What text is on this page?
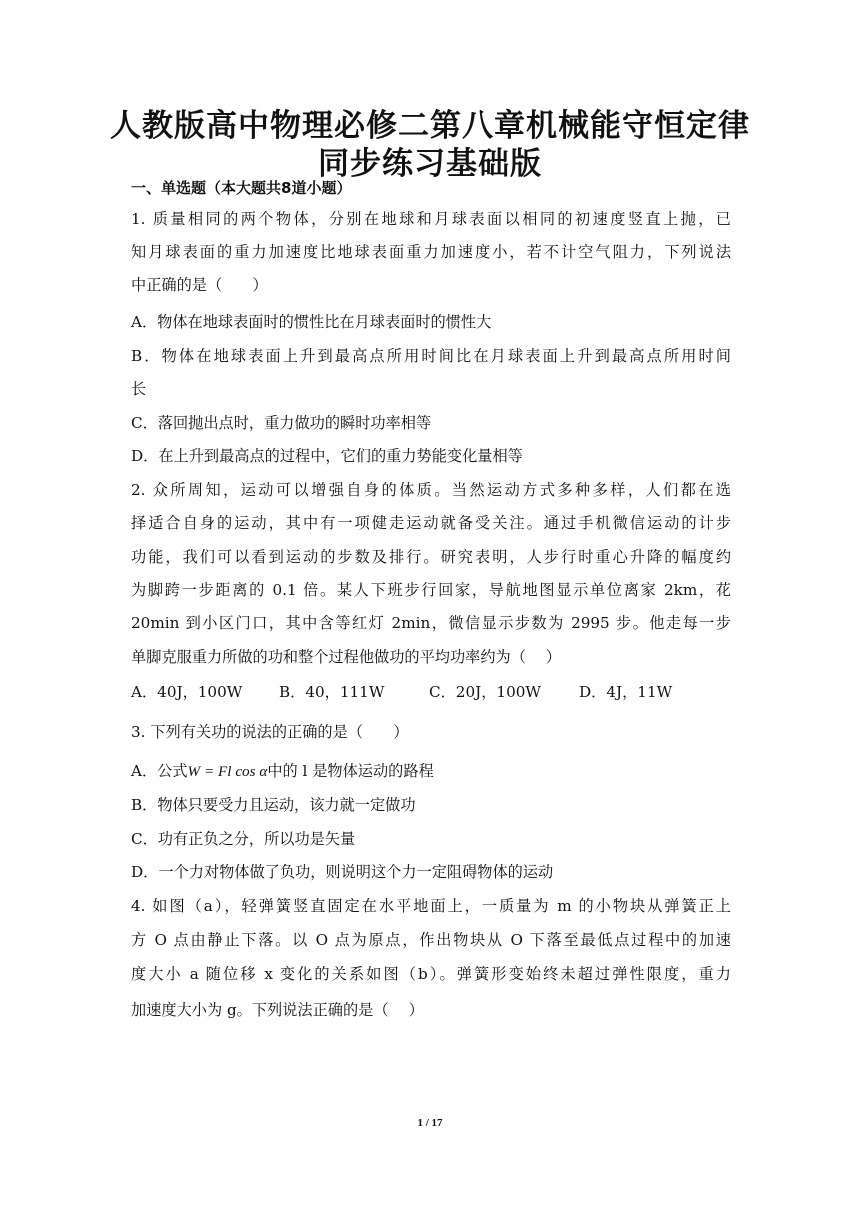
人教版高中物理必修二第八章机械能守恒定律
同步练习基础版
一、单选题（本大题共8道小题）
1. 质量相同的两个物体，分别在地球和月球表面以相同的初速度竖直上抛，已
知月球表面的重力加速度比地球表面重力加速度小，若不计空气阻力，下列说法
中正确的是（　　）
A．物体在地球表面时的惯性比在月球表面时的惯性大
B．物体在地球表面上升到最高点所用时间比在月球表面上升到最高点所用时间
长
C．落回抛出点时，重力做功的瞬时功率相等
D．在上升到最高点的过程中，它们的重力势能变化量相等
2. 众所周知，运动可以增强自身的体质。当然运动方式多种多样，人们都在选
择适合自身的运动，其中有一项健走运动就备受关注。通过手机微信运动的计步
功能，我们可以看到运动的步数及排行。研究表明，人步行时重心升降的幅度约
为脚跨一步距离的 0.1 倍。某人下班步行回家，导航地图显示单位离家 2km，花
20min 到小区门口，其中含等红灯 2min，微信显示步数为 2995 步。他走每一步
单脚克服重力所做的功和整个过程他做功的平均功率约为（　 ）
A．40J，100W B．40，111W	C．20J，100W D．4J，11W
3. 下列有关功的说法的正确的是（　　）
A．公式W = Fl cos α中的 l 是物体运动的路程
B．物体只要受力且运动，该力就一定做功
C．功有正负之分，所以功是矢量
D．一个力对物体做了负功，则说明这个力一定阻碍物体的运动
4. 如图（a），轻弹簧竖直固定在水平地面上，一质量为 m 的小物块从弹簧正上
方 O 点由静止下落。以 O 点为原点，作出物块从 O 下落至最低点过程中的加速
度大小 a 随位移 x 变化的关系如图（b）。弹簧形变始终未超过弹性限度，重力
加速度大小为 g。下列说法正确的是（　 ）
1 / 17
